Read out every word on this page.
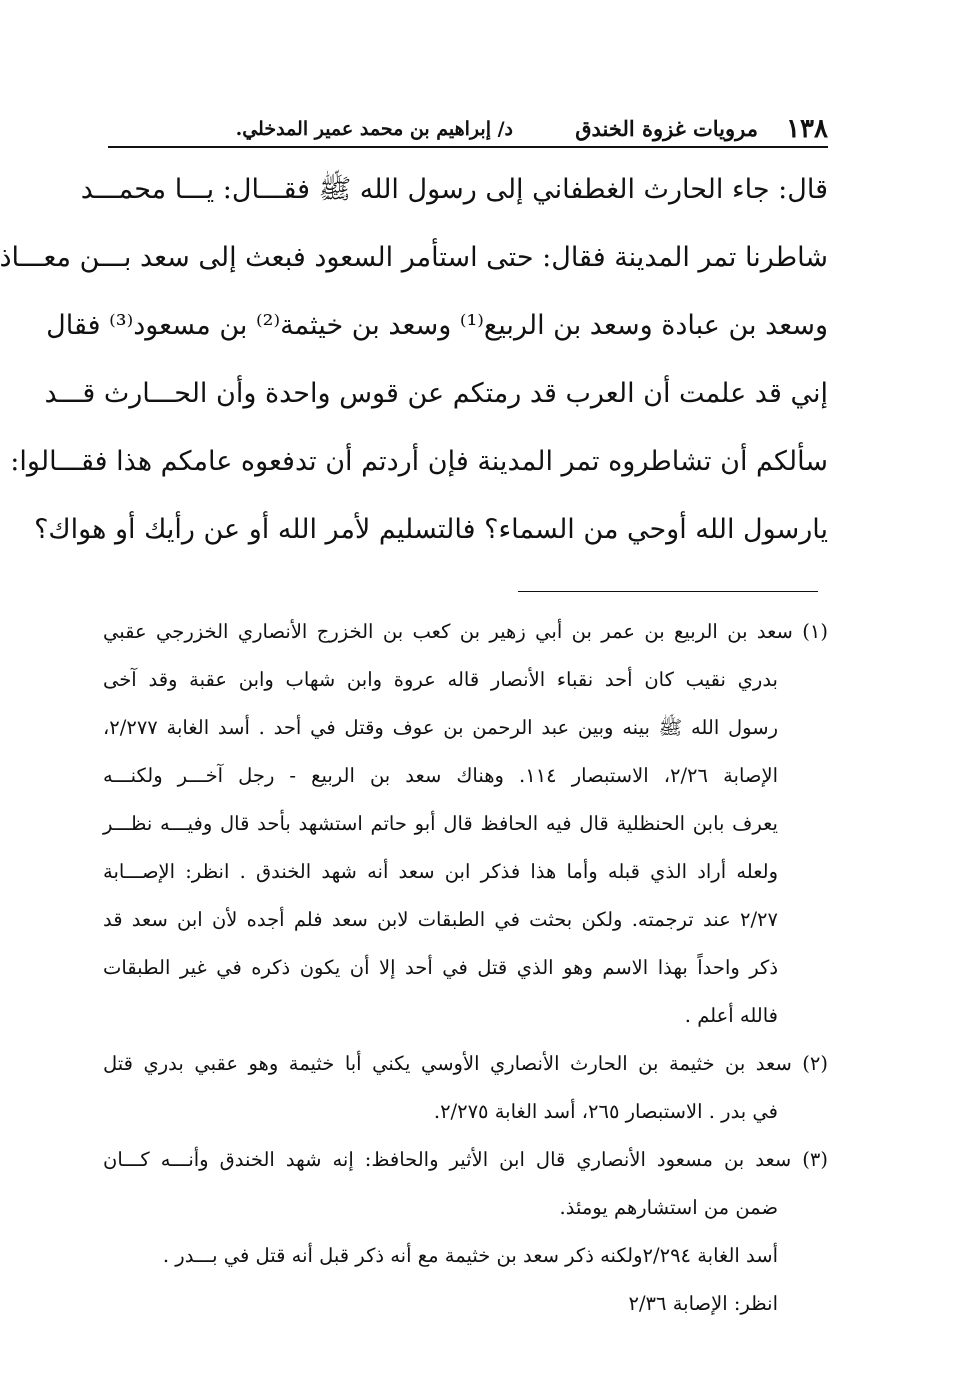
١٣٨
مرويات غزوة الخندق
د/ إبراهيم بن محمد عمير المدخلي.
قال: جاء الحارث الغطفاني إلى رسول الله ﷺ فقـــال: يـــا محمـــد
شاطرنا تمر المدينة فقال: حتى استأمر السعود فبعث إلى سعد بـــن معـــاذ
وسعد بن عبادة وسعد بن الربيع⁽¹⁾ وسعد بن خيثمة⁽²⁾ بن مسعود⁽³⁾ فقال
إني قد علمت أن العرب قد رمتكم عن قوس واحدة وأن الحـــارث قـــد
سألكم أن تشاطروه تمر المدينة فإن أردتم أن تدفعوه عامكم هذا فقـــالوا:
يارسول الله أوحي من السماء؟ فالتسليم لأمر الله أو عن رأيك أو هواك؟
(١) سعد بن الربيع بن عمر بن أبي زهير بن كعب بن الخزرج الأنصاري الخزرجي عقبي
بدري نقيب كان أحد نقباء الأنصار قاله عروة وابن شهاب وابن عقبة وقد آخى
رسول الله ﷺ بينه وبين عبد الرحمن بن عوف وقتل في أحد . أسد الغابة ٢/٢٧٧،
الإصابة ٢/٢٦، الاستبصار ١١٤. وهناك سعد بن الربيع - رجل آخـــر ولكنـــه
يعرف بابن الحنظلية قال فيه الحافظ قال أبو حاتم استشهد بأحد قال وفيـــه نظـــر
ولعله أراد الذي قبله وأما هذا فذكر ابن سعد أنه شهد الخندق . انظر: الإصـــابة
٢/٢٧ عند ترجمته. ولكن بحثت في الطبقات لابن سعد فلم أجده لأن ابن سعد قد
ذكر واحداً بهذا الاسم وهو الذي قتل في أحد إلا أن يكون ذكره في غير الطبقات
فالله أعلم .
(٢) سعد بن خثيمة بن الحارث الأنصاري الأوسي يكني أبا خثيمة وهو عقبي بدري قتل
في بدر . الاستبصار ٢٦٥، أسد الغابة ٢/٢٧٥.
(٣) سعد بن مسعود الأنصاري قال ابن الأثير والحافظ: إنه شهد الخندق وأنـــه كـــان
ضمن من استشارهم يومئذ.
أسد الغابة ٢/٢٩٤ولكنه ذكر سعد بن خثيمة مع أنه ذكر قبل أنه قتل في بـــدر .
انظر: الإصابة ٢/٣٦
